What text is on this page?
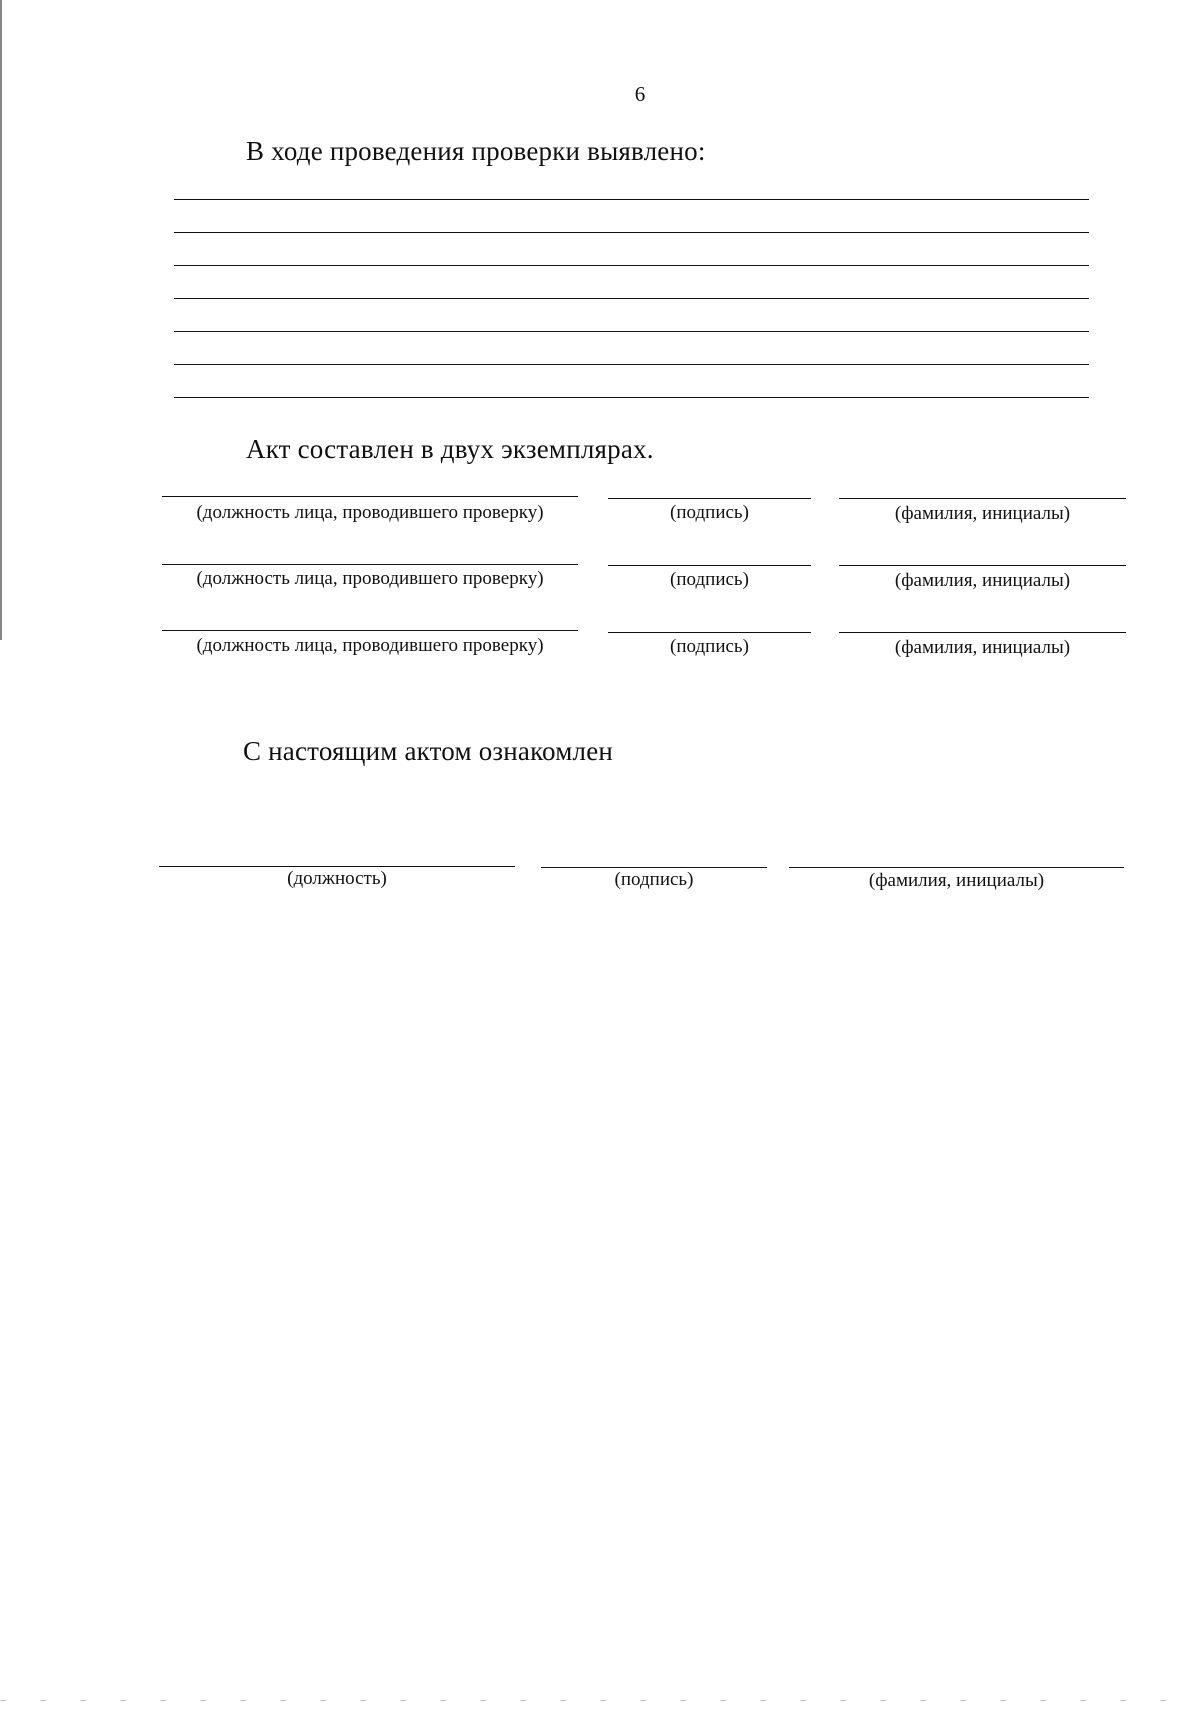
6
В ходе проведения проверки выявлено:
Акт составлен в двух экземплярах.
(должность лица, проводившего проверку)	(подпись)	(фамилия, инициалы)
(должность лица, проводившего проверку)	(подпись)	(фамилия, инициалы)
(должность лица, проводившего проверку)	(подпись)	(фамилия, инициалы)
С настоящим актом ознакомлен
(должность)	(подпись)	(фамилия, инициалы)
